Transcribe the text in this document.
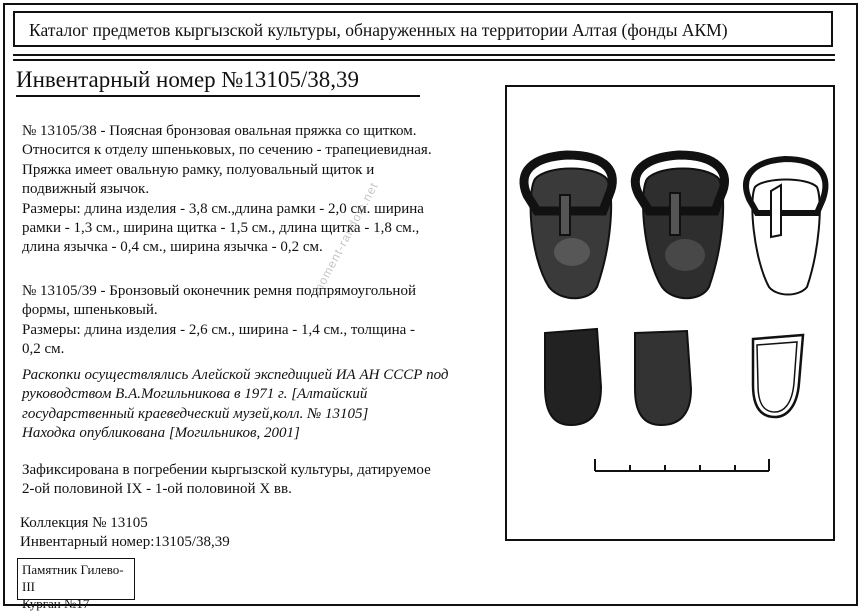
Каталог предметов кыргызской культуры, обнаруженных на территории Алтая (фонды АКМ)
Инвентарный номер №13105/38,39

№ 13105/38 - Поясная бронзовая овальная пряжка со щитком.
Относится к отделу шпеньковых, по сечению - трапециевидная.
Пряжка имеет овальную рамку, полуовальный щиток и
подвижный язычок.
Размеры: длина изделия - 3,8 см.,длина рамки - 2,0 см. ширина
рамки - 1,3 см., ширина щитка - 1,5 см., длина щитка - 1,8 см.,
длина язычка - 0,4 см., ширина язычка - 0,2 см.

№ 13105/39 - Бронзовый оконечник ремня подпрямоугольной
формы, шпеньковый.
Размеры: длина изделия - 2,6 см., ширина - 1,4 см., толщина -
0,2 см.

Раскопки осуществлялись Алейской экспедицией ИА АН СССР под
руководством В.А.Могильникова в 1971 г. [Алтайский
государственный краеведческий музей,колл. № 13105]
Находка опубликована [Могильников, 2001]

Зафиксирована в погребении кыргызской культуры, датируемое
2-ой половиной IX - 1-ой половиной X вв.

Коллекция № 13105
Инвентарный номер:13105/38,39

Памятник Гилево-III
Курган №17
moment-random.net
